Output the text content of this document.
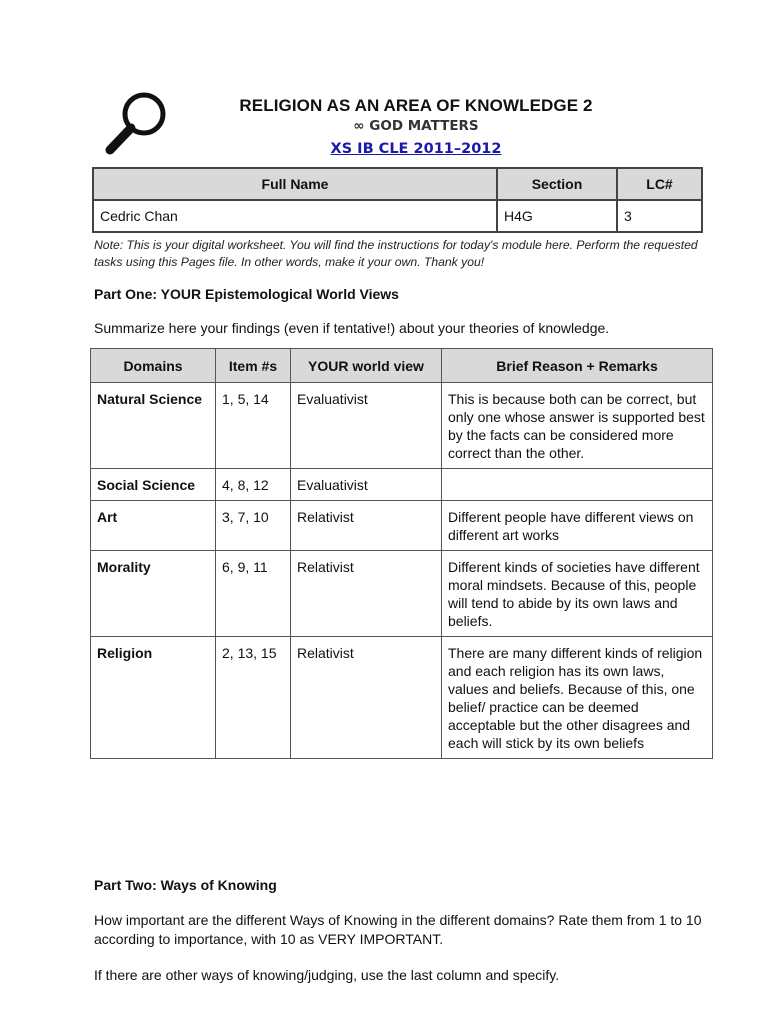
RELIGION AS AN AREA OF KNOWLEDGE 2
∞ GOD MATTERS
XS IB CLE 2011–2012
Full Name	Section	LC#
Cedric Chan	H4G	3
Note: This is your digital worksheet. You will find the instructions for today's module here. Perform the requested tasks using this Pages file. In other words, make it your own. Thank you!
Part One: YOUR Epistemological World Views
Summarize here your findings (even if tentative!) about your theories of knowledge.
Domains	Item #s	YOUR world view	Brief Reason + Remarks
Natural Science	1, 5, 14	Evaluativist	This is because both can be correct, but only one whose answer is supported best by the facts can be considered more correct than the other.
Social Science	4, 8, 12	Evaluativist	
Art	3, 7, 10	Relativist	Different people have different views on different art works
Morality	6, 9, 11	Relativist	Different kinds of societies have different moral mindsets. Because of this, people will tend to abide by its own laws and beliefs.
Religion	2, 13, 15	Relativist	There are many different kinds of religion and each religion has its own laws, values and beliefs. Because of this, one belief/ practice can be deemed acceptable but the other disagrees and each will stick by its own beliefs
Part Two: Ways of Knowing
How important are the different Ways of Knowing in the different domains? Rate them from 1 to 10 according to importance, with 10 as VERY IMPORTANT.
If there are other ways of knowing/judging, use the last column and specify.
